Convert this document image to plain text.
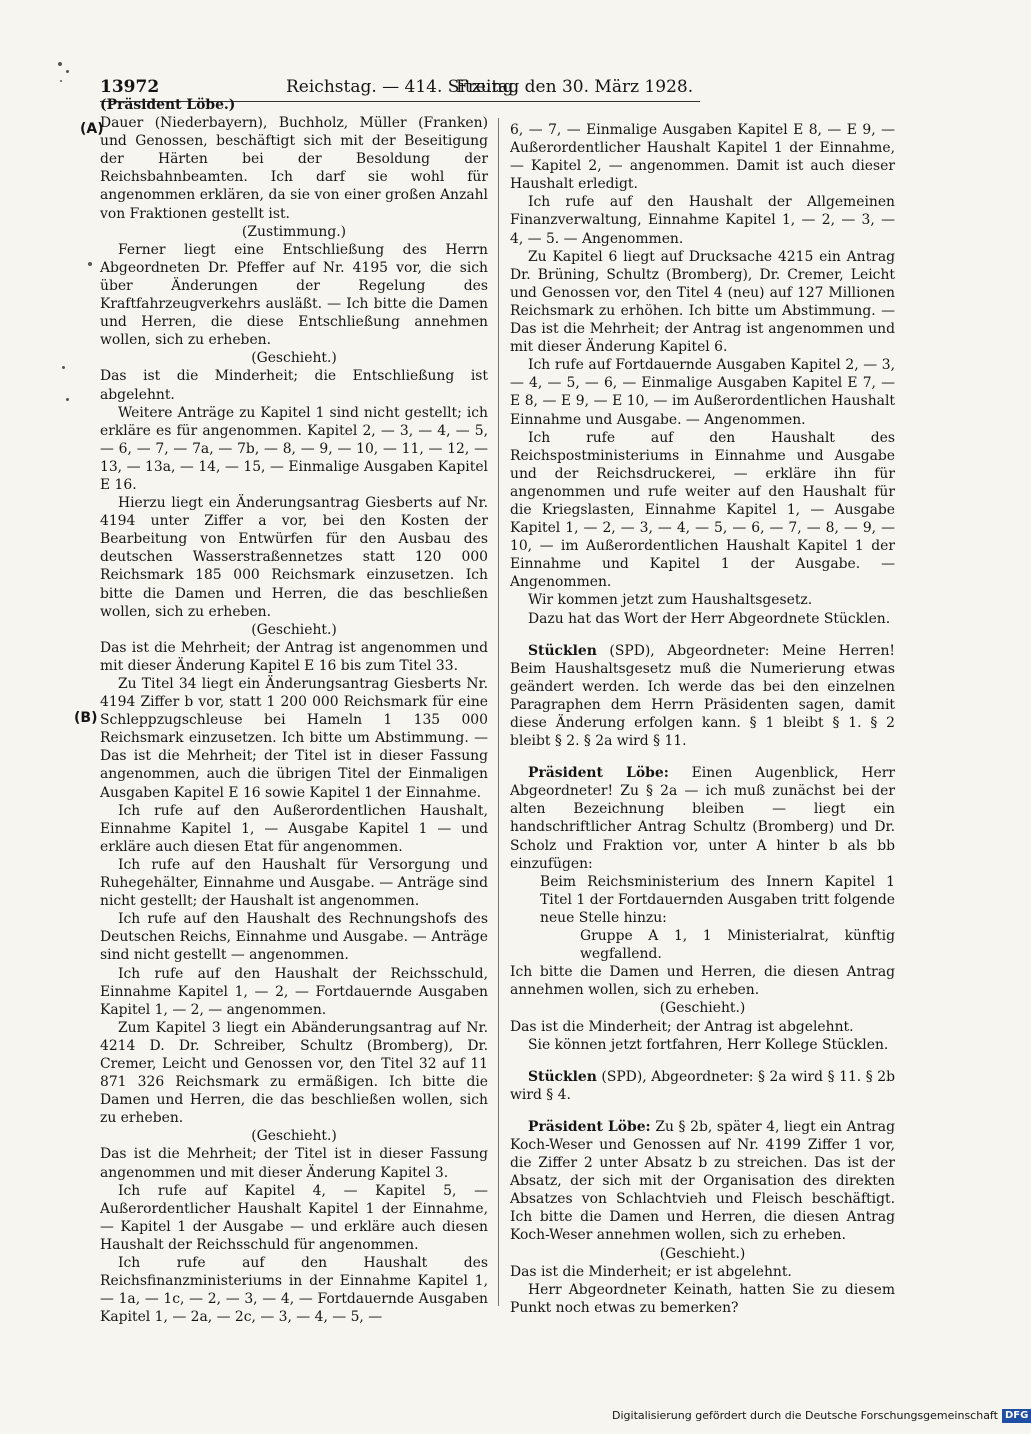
13972	Reichstag. — 414. Sitzung.
Freitag den 30. März 1928.
(A)
(B)

(Präsident Löbe.)

Dauer (Niederbayern), Buchholz, Müller (Franken) und Genossen, beschäftigt sich mit der Beseitigung der Härten bei der Besoldung der Reichsbahnbeamten. Ich darf sie wohl für angenommen erklären, da sie von einer großen Anzahl von Fraktionen gestellt ist.

(Zustimmung.)

Ferner liegt eine Entschließung des Herrn Abgeordneten Dr. Pfeffer auf Nr. 4195 vor, die sich über Änderungen der Regelung des Kraftfahrzeugverkehrs ausläßt. — Ich bitte die Damen und Herren, die diese Entschließung annehmen wollen, sich zu erheben.

(Geschieht.)

Das ist die Minderheit; die Entschließung ist abgelehnt.

Weitere Anträge zu Kapitel 1 sind nicht gestellt; ich erkläre es für angenommen. Kapitel 2, — 3, — 4, — 5, — 6, — 7, — 7a, — 7b, — 8, — 9, — 10, — 11, — 12, — 13, — 13a, — 14, — 15, — Einmalige Ausgaben Kapitel E 16.

Hierzu liegt ein Änderungsantrag Giesberts auf Nr. 4194 unter Ziffer a vor, bei den Kosten der Bearbeitung von Entwürfen für den Ausbau des deutschen Wasserstraßennetzes statt 120 000 Reichsmark 185 000 Reichsmark einzusetzen. Ich bitte die Damen und Herren, die das beschließen wollen, sich zu erheben.

(Geschieht.)

Das ist die Mehrheit; der Antrag ist angenommen und mit dieser Änderung Kapitel E 16 bis zum Titel 33.

Zu Titel 34 liegt ein Änderungsantrag Giesberts Nr. 4194 Ziffer b vor, statt 1 200 000 Reichsmark für eine Schleppzugschleuse bei Hameln 1 135 000 Reichsmark einzusetzen. Ich bitte um Abstimmung. — Das ist die Mehrheit; der Titel ist in dieser Fassung angenommen, auch die übrigen Titel der Einmaligen Ausgaben Kapitel E 16 sowie Kapitel 1 der Einnahme.

Ich rufe auf den Außerordentlichen Haushalt, Einnahme Kapitel 1, — Ausgabe Kapitel 1 — und erkläre auch diesen Etat für angenommen.

Ich rufe auf den Haushalt für Versorgung und Ruhegehälter, Einnahme und Ausgabe. — Anträge sind nicht gestellt; der Haushalt ist angenommen.

Ich rufe auf den Haushalt des Rechnungshofs des Deutschen Reichs, Einnahme und Ausgabe. — Anträge sind nicht gestellt — angenommen.

Ich rufe auf den Haushalt der Reichsschuld, Einnahme Kapitel 1, — 2, — Fortdauernde Ausgaben Kapitel 1, — 2, — angenommen.

Zum Kapitel 3 liegt ein Abänderungsantrag auf Nr. 4214 D. Dr. Schreiber, Schultz (Bromberg), Dr. Cremer, Leicht und Genossen vor, den Titel 32 auf 11 871 326 Reichsmark zu ermäßigen. Ich bitte die Damen und Herren, die das beschließen wollen, sich zu erheben.

(Geschieht.)

Das ist die Mehrheit; der Titel ist in dieser Fassung angenommen und mit dieser Änderung Kapitel 3.

Ich rufe auf Kapitel 4, — Kapitel 5, — Außerordentlicher Haushalt Kapitel 1 der Einnahme, — Kapitel 1 der Ausgabe — und erkläre auch diesen Haushalt der Reichsschuld für angenommen.

Ich rufe auf den Haushalt des Reichsfinanzministeriums in der Einnahme Kapitel 1, — 1a, — 1c, — 2, — 3, — 4, — Fortdauernde Ausgaben Kapitel 1, — 2a, — 2c, — 3, — 4, — 5, —

6, — 7, — Einmalige Ausgaben Kapitel E 8, — E 9, — Außerordentlicher Haushalt Kapitel 1 der Einnahme, — Kapitel 2, — angenommen. Damit ist auch dieser Haushalt erledigt.

Ich rufe auf den Haushalt der Allgemeinen Finanzverwaltung, Einnahme Kapitel 1, — 2, — 3, — 4, — 5. — Angenommen.

Zu Kapitel 6 liegt auf Drucksache 4215 ein Antrag Dr. Brüning, Schultz (Bromberg), Dr. Cremer, Leicht und Genossen vor, den Titel 4 (neu) auf 127 Millionen Reichsmark zu erhöhen. Ich bitte um Abstimmung. — Das ist die Mehrheit; der Antrag ist angenommen und mit dieser Änderung Kapitel 6.

Ich rufe auf Fortdauernde Ausgaben Kapitel 2, — 3, — 4, — 5, — 6, — Einmalige Ausgaben Kapitel E 7, — E 8, — E 9, — E 10, — im Außerordentlichen Haushalt Einnahme und Ausgabe. — Angenommen.

Ich rufe auf den Haushalt des Reichspostministeriums in Einnahme und Ausgabe und der Reichsdruckerei, — erkläre ihn für angenommen und rufe weiter auf den Haushalt für die Kriegslasten, Einnahme Kapitel 1, — Ausgabe Kapitel 1, — 2, — 3, — 4, — 5, — 6, — 7, — 8, — 9, — 10, — im Außerordentlichen Haushalt Kapitel 1 der Einnahme und Kapitel 1 der Ausgabe. — Angenommen.

Wir kommen jetzt zum Haushaltsgesetz.

Dazu hat das Wort der Herr Abgeordnete Stücklen.

Stücklen (SPD), Abgeordneter: Meine Herren! Beim Haushaltsgesetz muß die Numerierung etwas geändert werden. Ich werde das bei den einzelnen Paragraphen dem Herrn Präsidenten sagen, damit diese Änderung erfolgen kann. § 1 bleibt § 1. § 2 bleibt § 2. § 2a wird § 11.

Präsident Löbe: Einen Augenblick, Herr Abgeordneter! Zu § 2a — ich muß zunächst bei der alten Bezeichnung bleiben — liegt ein handschriftlicher Antrag Schultz (Bromberg) und Dr. Scholz und Fraktion vor, unter A hinter b als bb einzufügen:

Beim Reichsministerium des Innern Kapitel 1 Titel 1 der Fortdauernden Ausgaben tritt folgende neue Stelle hinzu:

Gruppe A 1, 1 Ministerialrat, künftig wegfallend.

Ich bitte die Damen und Herren, die diesen Antrag annehmen wollen, sich zu erheben.

(Geschieht.)

Das ist die Minderheit; der Antrag ist abgelehnt.

Sie können jetzt fortfahren, Herr Kollege Stücklen.

Stücklen (SPD), Abgeordneter: § 2a wird § 11. § 2b wird § 4.

Präsident Löbe: Zu § 2b, später 4, liegt ein Antrag Koch-Weser und Genossen auf Nr. 4199 Ziffer 1 vor, die Ziffer 2 unter Absatz b zu streichen. Das ist der Absatz, der sich mit der Organisation des direkten Absatzes von Schlachtvieh und Fleisch beschäftigt. Ich bitte die Damen und Herren, die diesen Antrag Koch-Weser annehmen wollen, sich zu erheben.

(Geschieht.)

Das ist die Minderheit; er ist abgelehnt.

Herr Abgeordneter Keinath, hatten Sie zu diesem Punkt noch etwas zu bemerken?

Digitalisierung gefördert durch die Deutsche Forschungsgemeinschaft DFG
